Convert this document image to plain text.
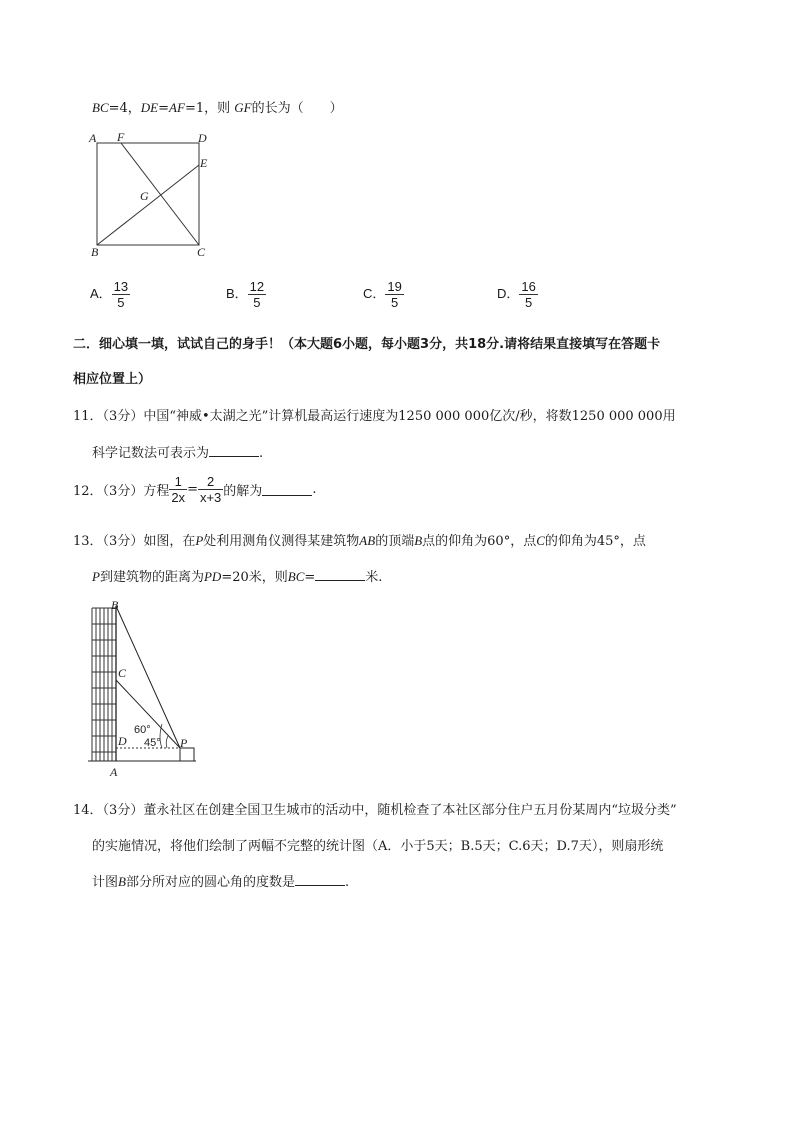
BC=4，DE=AF=1，则 GF的长为（　　）
A F	D
E
G
B	C
A． $\frac{13}{5}$	B． $\frac{12}{5}$	C． $\frac{19}{5}$	D． $\frac{16}{5}$
二．细心填一填，试试自己的身手！（本大题6小题，每小题3分，共18分.请将结果直接填写在答题卡
相应位置上）
11．（3分）中国“神威•太湖之光”计算机最高运行速度为1250 000 000亿次/秒，将数1250 000 000用
科学记数法可表示为	.
12．（3分）方程 $\frac{1}{2x} = \frac{2}{x+3}$ 的解为	.
13．（3分）如图，在P处利用测角仪测得某建筑物AB的顶端B点的仰角为60°，点C的仰角为45°，点
P到建筑物的距离为PD=20米，则BC=	米.
B
C
D	P
A
60°
45°
14．（3分）董永社区在创建全国卫生城市的活动中，随机检查了本社区部分住户五月份某周内“垃圾分类”
的实施情况，将他们绘制了两幅不完整的统计图（A．小于5天；B.5天；C.6天；D.7天），则扇形统
计图B部分所对应的圆心角的度数是	.
